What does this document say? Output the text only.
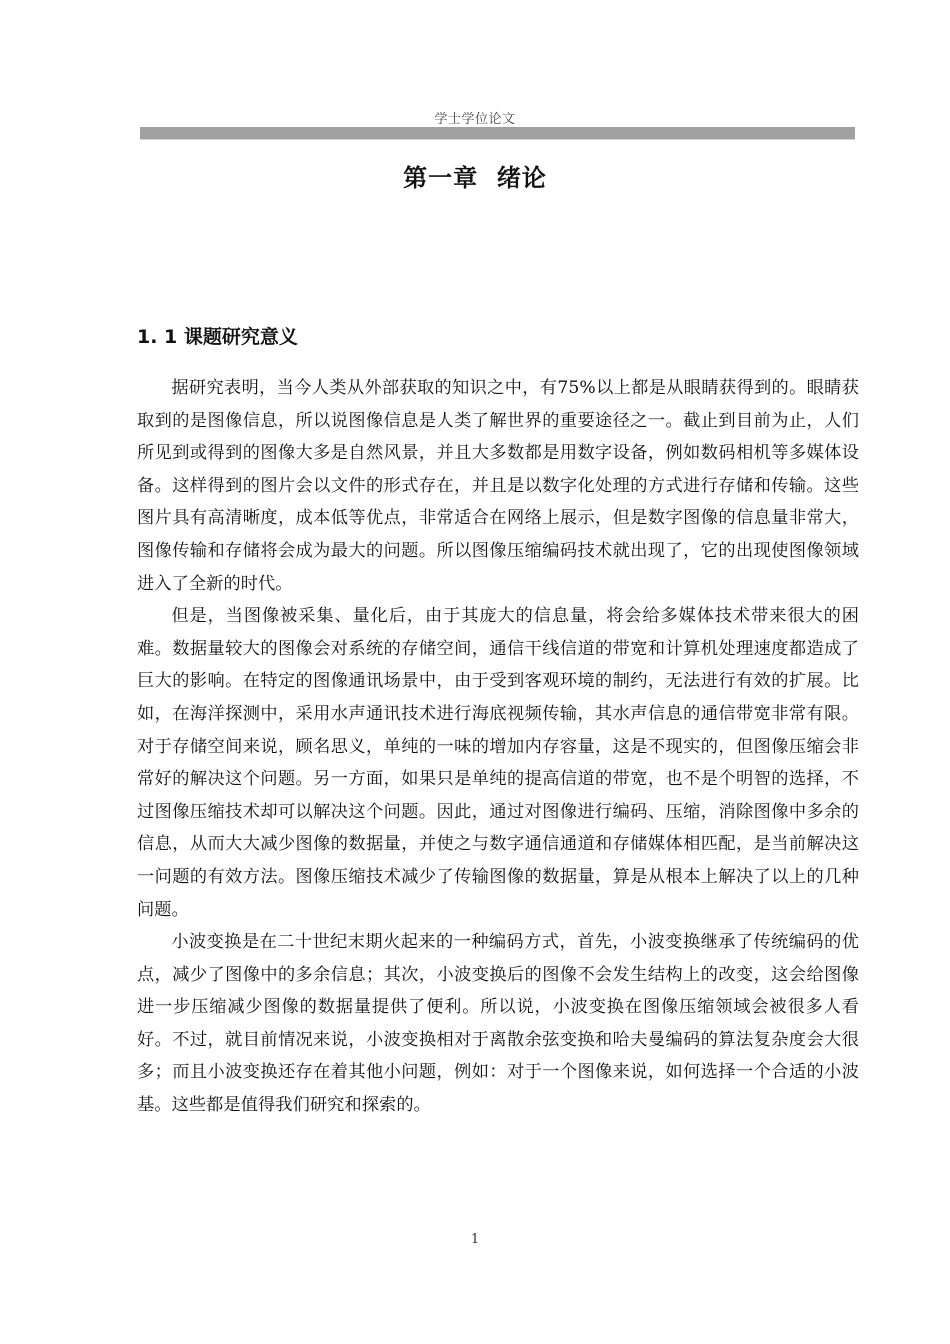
学士学位论文
第一章  绪论
1. 1 课题研究意义

据研究表明，当今人类从外部获取的知识之中，有75%以上都是从眼睛获得到的。眼睛获取到的是图像信息，所以说图像信息是人类了解世界的重要途径之一。截止到目前为止，人们所见到或得到的图像大多是自然风景，并且大多数都是用数字设备，例如数码相机等多媒体设备。这样得到的图片会以文件的形式存在，并且是以数字化处理的方式进行存储和传输。这些图片具有高清晰度，成本低等优点，非常适合在网络上展示，但是数字图像的信息量非常大，图像传输和存储将会成为最大的问题。所以图像压缩编码技术就出现了，它的出现使图像领域进入了全新的时代。

但是，当图像被采集、量化后，由于其庞大的信息量，将会给多媒体技术带来很大的困难。数据量较大的图像会对系统的存储空间，通信干线信道的带宽和计算机处理速度都造成了巨大的影响。在特定的图像通讯场景中，由于受到客观环境的制约，无法进行有效的扩展。比如，在海洋探测中，采用水声通讯技术进行海底视频传输，其水声信息的通信带宽非常有限。对于存储空间来说，顾名思义，单纯的一味的增加内存容量，这是不现实的，但图像压缩会非常好的解决这个问题。另一方面，如果只是单纯的提高信道的带宽，也不是个明智的选择，不过图像压缩技术却可以解决这个问题。因此，通过对图像进行编码、压缩，消除图像中多余的信息，从而大大减少图像的数据量，并使之与数字通信通道和存储媒体相匹配，是当前解决这一问题的有效方法。图像压缩技术减少了传输图像的数据量，算是从根本上解决了以上的几种问题。

小波变换是在二十世纪末期火起来的一种编码方式，首先，小波变换继承了传统编码的优点，减少了图像中的多余信息；其次，小波变换后的图像不会发生结构上的改变，这会给图像进一步压缩减少图像的数据量提供了便利。所以说，小波变换在图像压缩领域会被很多人看好。不过，就目前情况来说，小波变换相对于离散余弦变换和哈夫曼编码的算法复杂度会大很多；而且小波变换还存在着其他小问题，例如：对于一个图像来说，如何选择一个合适的小波基。这些都是值得我们研究和探索的。

1
